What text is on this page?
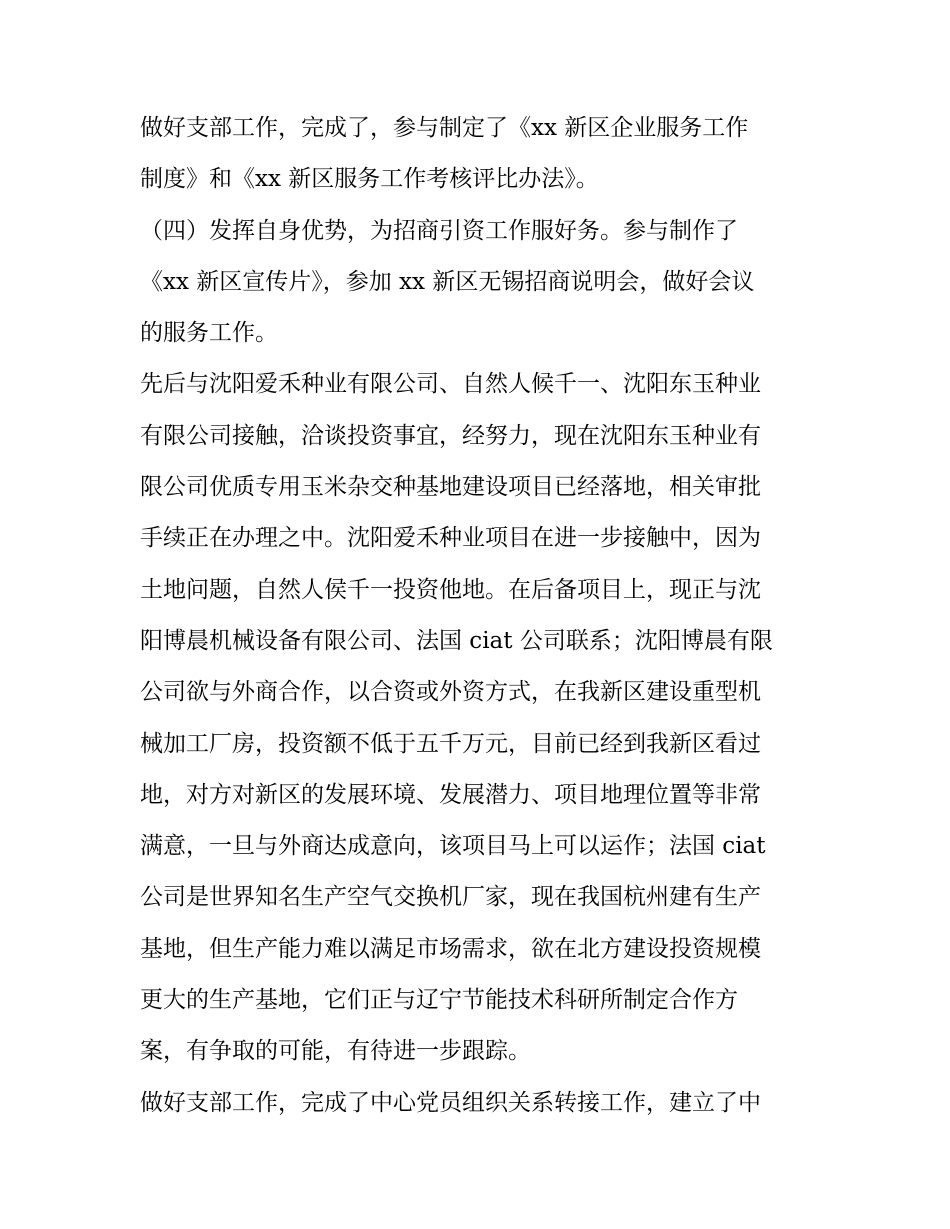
做好支部工作，完成了，参与制定了《xx 新区企业服务工作
制度》和《xx 新区服务工作考核评比办法》。
（四）发挥自身优势，为招商引资工作服好务。参与制作了
《xx 新区宣传片》，参加 xx 新区无锡招商说明会，做好会议
的服务工作。
先后与沈阳爱禾种业有限公司、自然人候千一、沈阳东玉种业
有限公司接触，洽谈投资事宜，经努力，现在沈阳东玉种业有
限公司优质专用玉米杂交种基地建设项目已经落地，相关审批
手续正在办理之中。沈阳爱禾种业项目在进一步接触中，因为
土地问题，自然人侯千一投资他地。在后备项目上，现正与沈
阳博晨机械设备有限公司、法国 ciat 公司联系；沈阳博晨有限
公司欲与外商合作，以合资或外资方式，在我新区建设重型机
械加工厂房，投资额不低于五千万元，目前已经到我新区看过
地，对方对新区的发展环境、发展潜力、项目地理位置等非常
满意，一旦与外商达成意向，该项目马上可以运作；法国 ciat
公司是世界知名生产空气交换机厂家，现在我国杭州建有生产
基地，但生产能力难以满足市场需求，欲在北方建设投资规模
更大的生产基地，它们正与辽宁节能技术科研所制定合作方
案，有争取的可能，有待进一步跟踪。
做好支部工作，完成了中心党员组织关系转接工作，建立了中
